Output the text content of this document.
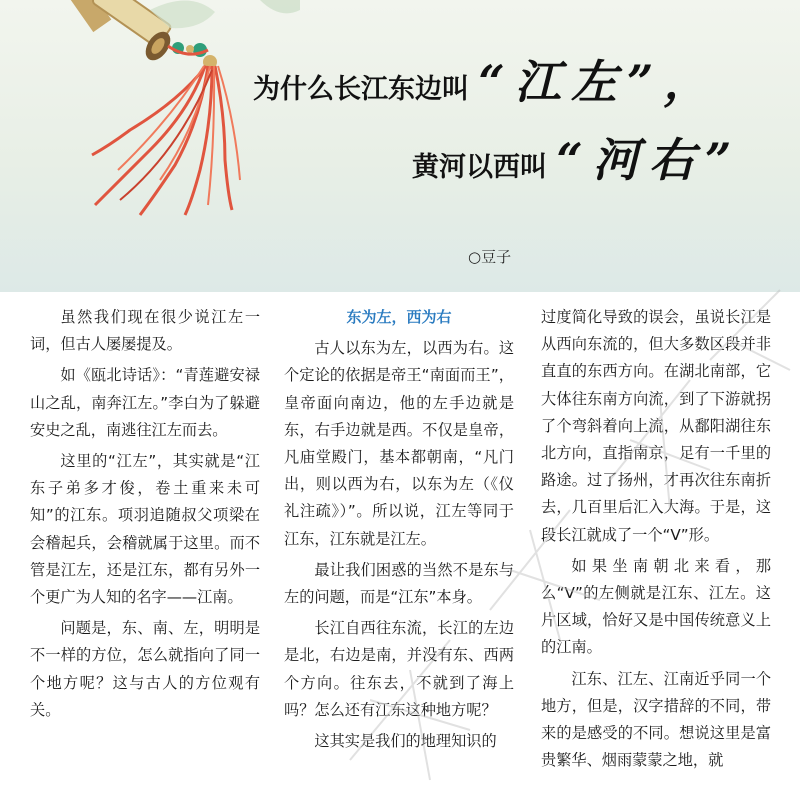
为什么长江东边叫 “江左”，
黄河以西叫 “河右”
○豆子

虽然我们现在很少说江左一词，但古人屡屡提及。

如《瓯北诗话》：“青莲避安禄山之乱，南奔江左。”李白为了躲避安史之乱，南逃往江左而去。

这里的“江左”，其实就是“江东子弟多才俊，卷土重来未可知”的江东。项羽追随叔父项梁在会稽起兵，会稽就属于这里。而不管是江左，还是江东，都有另外一个更广为人知的名字——江南。

问题是，东、南、左，明明是不一样的方位，怎么就指向了同一个地方呢？这与古人的方位观有关。

东为左，西为右

古人以东为左，以西为右。这个定论的依据是帝王“南面而王”，皇帝面向南边，他的左手边就是东，右手边就是西。不仅是皇帝，凡庙堂殿门，基本都朝南，“凡门出，则以西为右，以东为左（《仪礼注疏》）”。所以说，江左等同于江东，江东就是江左。

最让我们困惑的当然不是东与左的问题，而是“江东”本身。

长江自西往东流，长江的左边是北，右边是南，并没有东、西两个方向。往东去，不就到了海上吗？怎么还有江东这种地方呢？

这其实是我们的地理知识的

过度简化导致的误会，虽说长江是从西向东流的，但大多数区段并非直直的东西方向。在湖北南部，它大体往东南方向流，到了下游就拐了个弯斜着向上流，从鄱阳湖往东北方向，直指南京，足有一千里的路途。过了扬州，才再次往东南折去，几百里后汇入大海。于是，这段长江就成了一个“V”形。

如果坐南朝北来看，那么“V”的左侧就是江东、江左。这片区域，恰好又是中国传统意义上的江南。

江东、江左、江南近乎同一个地方，但是，汉字措辞的不同，带来的是感受的不同。想说这里是富贵繁华、烟雨蒙蒙之地，就
